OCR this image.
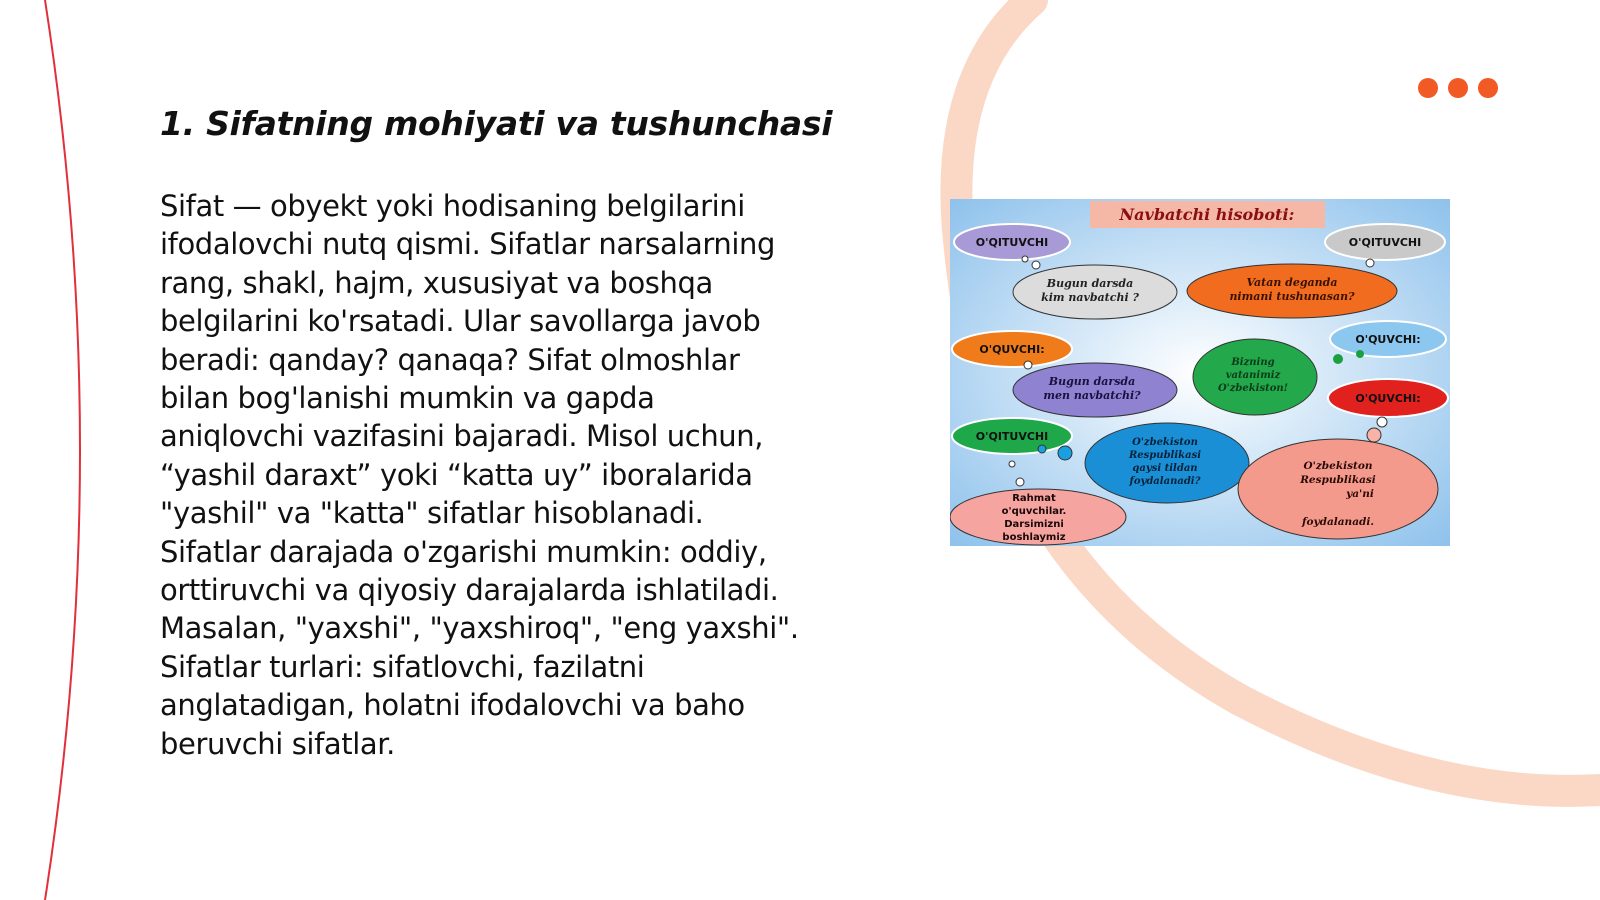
1. Sifatning mohiyati va tushunchasi

Sifat — obyekt yoki hodisaning belgilarini
ifodalovchi nutq qismi. Sifatlar narsalarning
rang, shakl, hajm, xususiyat va boshqa
belgilarini ko'rsatadi. Ular savollarga javob
beradi: qanday? qanaqa? Sifat olmoshlar
bilan bog'lanishi mumkin va gapda
aniqlovchi vazifasini bajaradi. Misol uchun,
“yashil daraxt” yoki “katta uy” iboralarida
"yashil" va "katta" sifatlar hisoblanadi.
Sifatlar darajada o'zgarishi mumkin: oddiy,
orttiruvchi va qiyosiy darajalarda ishlatiladi.
Masalan, "yaxshi", "yaxshiroq", "eng yaxshi".
Sifatlar turlari: sifatlovchi, fazilatni
anglatadigan, holatni ifodalovchi va baho
beruvchi sifatlar.

Navbatchi hisoboti:
O'QITUVCHI	O'QITUVCHI
Bugun darsda
kim navbatchi ?
Vatan deganda
nimani tushunasan?
O'QUVCHI:
O'QUVCHI:
Bugun darsda
men navbatchi?
Bizning
vatanimiz
O'zbekiston!
O'QUVCHI:
O'QITUVCHI	O'zbekiston
Respublikasi
qaysi tildan
foydalanadi?
O'zbekiston
Respublikasi
ya'ni
foydalanadi.
Rahmat
o'quvchilar.
Darsimizni
boshlaymiz
